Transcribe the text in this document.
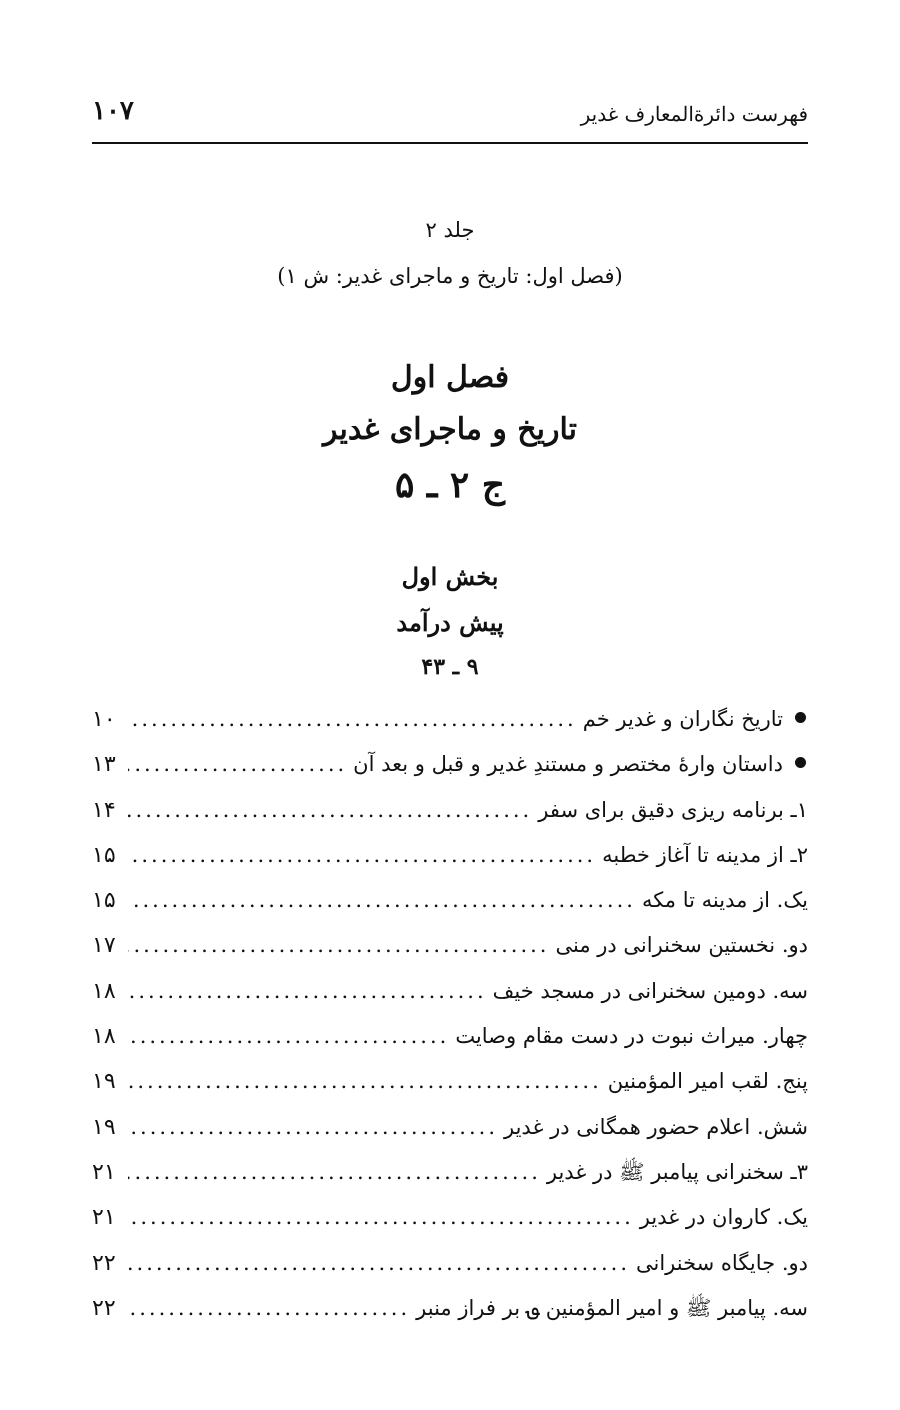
فهرست دائرةالمعارف غدیر
۱۰۷
جلد ۲
(فصل اول: تاریخ و ماجرای غدیر: ش ۱)
فصل اول
تاریخ و ماجرای غدیر
ج ۲ ـ ۵
بخش اول
پیش درآمد
۹ ـ ۴۳
تاریخ نگاران و غدیر خم
.....
۱۰
داستان وارهٔ مختصر و مستندِ غدیر و قبل و بعد آن
.....
۱۳
۱ـ برنامه ریزی دقیق برای سفر
.....
۱۴
۲ـ از مدینه تا آغاز خطبه
.....
۱۵
یک. از مدینه تا مکه
.....
۱۵
دو. نخستین سخنرانی در منی
.....
۱۷
سه. دومین سخنرانی در مسجد خیف
.....
۱۸
چهار. میراث نبوت در دست مقام وصایت
.....
۱۸
پنج. لقب امیر المؤمنین
.....
۱۹
شش. اعلام حضور همگانی در غدیر
.....
۱۹
۳ـ سخنرانی پیامبر ﷺ در غدیر
.....
۲۱
یک. کاروان در غدیر
.....
۲۱
دو. جایگاه سخنرانی
.....
۲۲
سه. پیامبر ﷺ و امیر المؤمنین ؈ بر فراز منبر
.....
۲۲
